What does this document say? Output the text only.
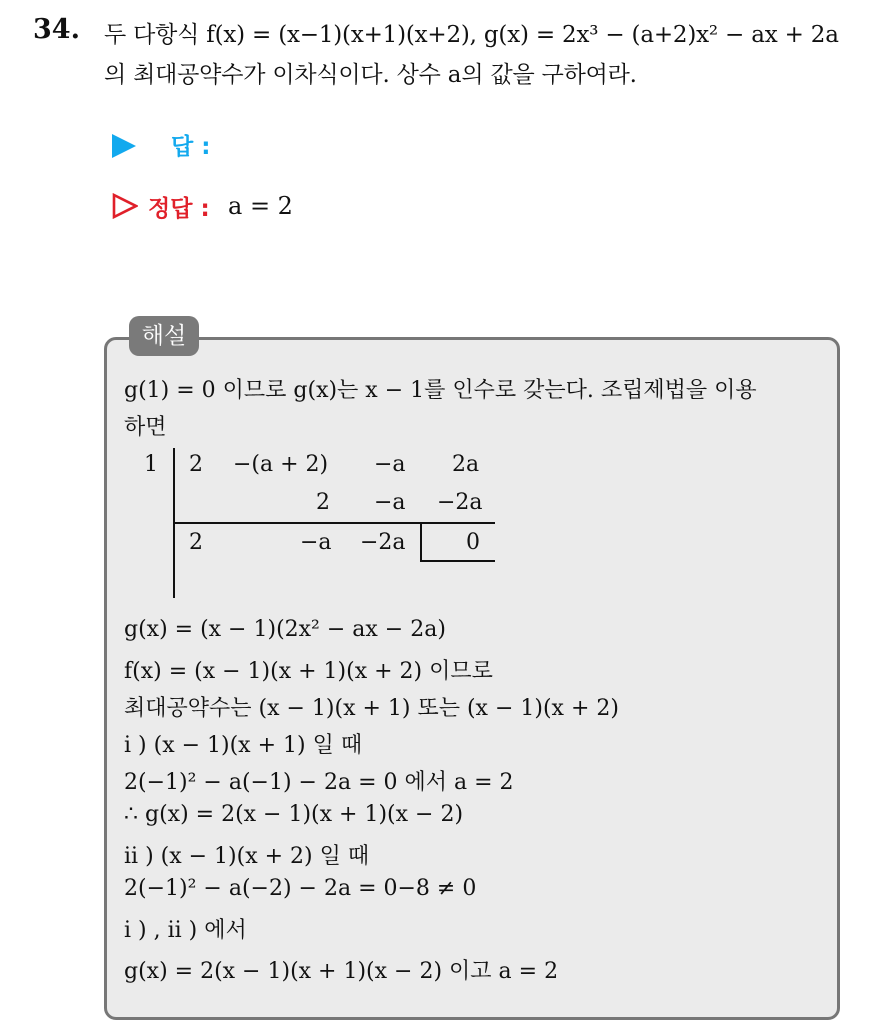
34. 두 다항식 f(x) = (x−1)(x+1)(x+2), g(x) = 2x³ − (a+2)x² − ax + 2a
의 최대공약수가 이차식이다. 상수 a의 값을 구하여라.
답 :
정답 : a = 2
해설
g(1) = 0 이므로 g(x)는 x − 1를 인수로 갖는다. 조립제법을 이용
하면
1 2 −(a + 2) −a 2a
2 −a −2a
2	−a −2a	0
g(x) = (x − 1)(2x² − ax − 2a)
f(x) = (x − 1)(x + 1)(x + 2) 이므로
최대공약수는 (x − 1)(x + 1) 또는 (x − 1)(x + 2)
i ) (x − 1)(x + 1) 일 때
2(−1)² − a(−1) − 2a = 0 에서 a = 2
∴ g(x) = 2(x − 1)(x + 1)(x − 2)
ii ) (x − 1)(x + 2) 일 때
2(−1)² − a(−2) − 2a = 0−8 ≠ 0
i ) , ii ) 에서
g(x) = 2(x − 1)(x + 1)(x − 2) 이고 a = 2
